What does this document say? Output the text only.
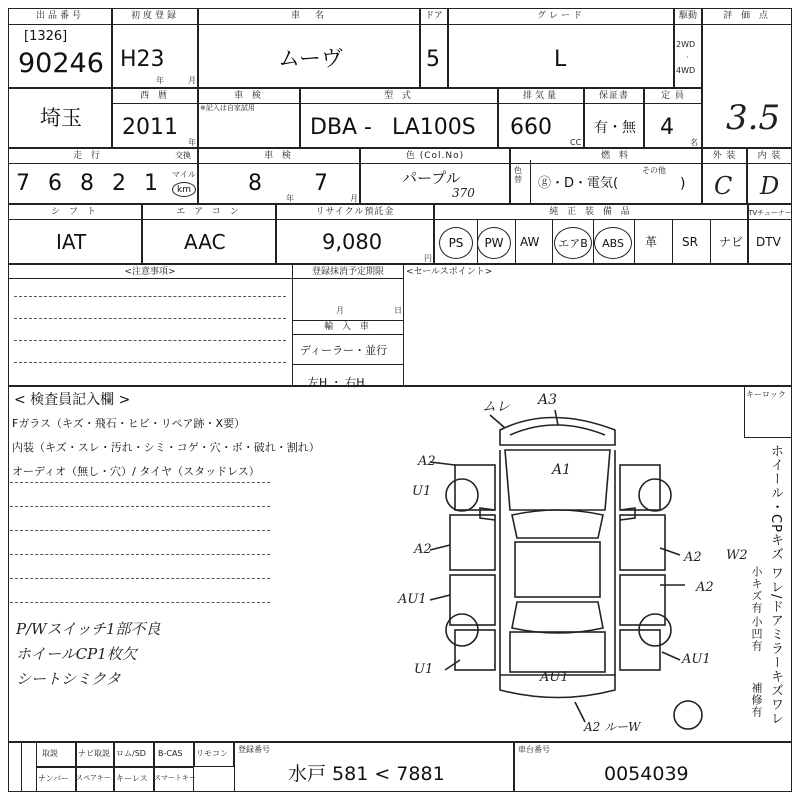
出品番号
[1326]
90246
初度登録
H23
年	月
車　名
ムーヴ
ドア
5
グレード
L
駆動
2WD
·
4WD
評 価 点
3.5
埼玉
西 暦
2011
年
車 検
※記入は自家試用
型 式
DBA - LA100S
排気量
660
CC
保証書
有・無
定 員
4
名
走 行	交換
7 6 8 2 1 マイル
km
車 検
8
年
7
月
色 (Col.No)
パープル
370
色替
燃 料
ⓖ・D・電気(
その他
)
外 装
C
内 装
D
シ フ ト
IAT
エ ア コ ン
AAC
リサイクル預託金
9,080
円
純 正 装 備 品
PS	PW	AW	エアB	ABS	革 SR ナビ
TVチューナー
DTV
<注意事項>	登録抹消予定期限
月	日
輸 入 車
ディーラー・並行
左H ・ 右H
<セールスポイント>
< 検査員記入欄 >
Fガラス（キズ・飛石・ヒビ・リペア跡・X要）
内装（キズ・スレ・汚れ・シミ・コゲ・穴・ボ・破れ・割れ）
オーディオ（無し・穴）/ タイヤ（スタッドレス）
P/Wスイッチ1部不良
ホイールCP1枚欠
シートシミクタ
キーロック
ホイール・CPキズ ワレ/ドアミラーキズワレ
小キズ有
小凹有
補修有
ムレ A3
A1
A2
U1
A2
AU1
U1
A2 W2
A2
AU1
AU1
A2 ルーW
取説	ナビ取説 ロム/SD B-CAS リモコン
ナンバー スペアキー キーレス スマートキー
登録番号
水戸 581 < 7881
車台番号
0054039
